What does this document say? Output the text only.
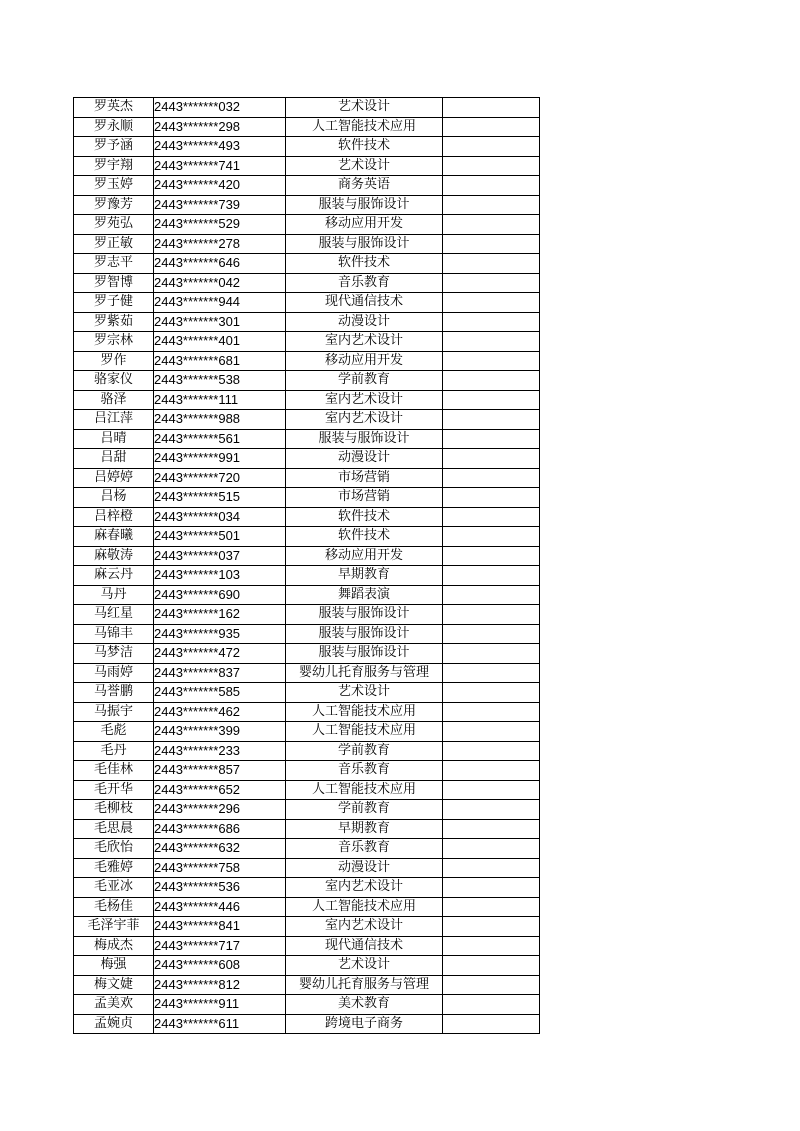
罗英杰	2443*******032	艺术设计	
罗永顺	2443*******298	人工智能技术应用	
罗予涵	2443*******493	软件技术	
罗宇翔	2443*******741	艺术设计	
罗玉婷	2443*******420	商务英语	
罗豫芳	2443*******739	服装与服饰设计	
罗苑弘	2443*******529	移动应用开发	
罗正敏	2443*******278	服装与服饰设计	
罗志平	2443*******646	软件技术	
罗智博	2443*******042	音乐教育	
罗子健	2443*******944	现代通信技术	
罗紫茹	2443*******301	动漫设计	
罗宗林	2443*******401	室内艺术设计	
罗作	2443*******681	移动应用开发	
骆家仪	2443*******538	学前教育	
骆泽	2443*******111	室内艺术设计	
吕江萍	2443*******988	室内艺术设计	
吕晴	2443*******561	服装与服饰设计	
吕甜	2443*******991	动漫设计	
吕婷婷	2443*******720	市场营销	
吕杨	2443*******515	市场营销	
吕梓橙	2443*******034	软件技术	
麻春曦	2443*******501	软件技术	
麻敬涛	2443*******037	移动应用开发	
麻云丹	2443*******103	早期教育	
马丹	2443*******690	舞蹈表演	
马红星	2443*******162	服装与服饰设计	
马锦丰	2443*******935	服装与服饰设计	
马梦洁	2443*******472	服装与服饰设计	
马雨婷	2443*******837	婴幼儿托育服务与管理	
马誉鹏	2443*******585	艺术设计	
马振宇	2443*******462	人工智能技术应用	
毛彪	2443*******399	人工智能技术应用	
毛丹	2443*******233	学前教育	
毛佳林	2443*******857	音乐教育	
毛开华	2443*******652	人工智能技术应用	
毛柳枝	2443*******296	学前教育	
毛思晨	2443*******686	早期教育	
毛欣怡	2443*******632	音乐教育	
毛雅婷	2443*******758	动漫设计	
毛亚冰	2443*******536	室内艺术设计	
毛杨佳	2443*******446	人工智能技术应用	
毛泽宇菲	2443*******841	室内艺术设计	
梅成杰	2443*******717	现代通信技术	
梅强	2443*******608	艺术设计	
梅文婕	2443*******812	婴幼儿托育服务与管理	
孟美欢	2443*******911	美术教育	
孟婉贞	2443*******611	跨境电子商务	
